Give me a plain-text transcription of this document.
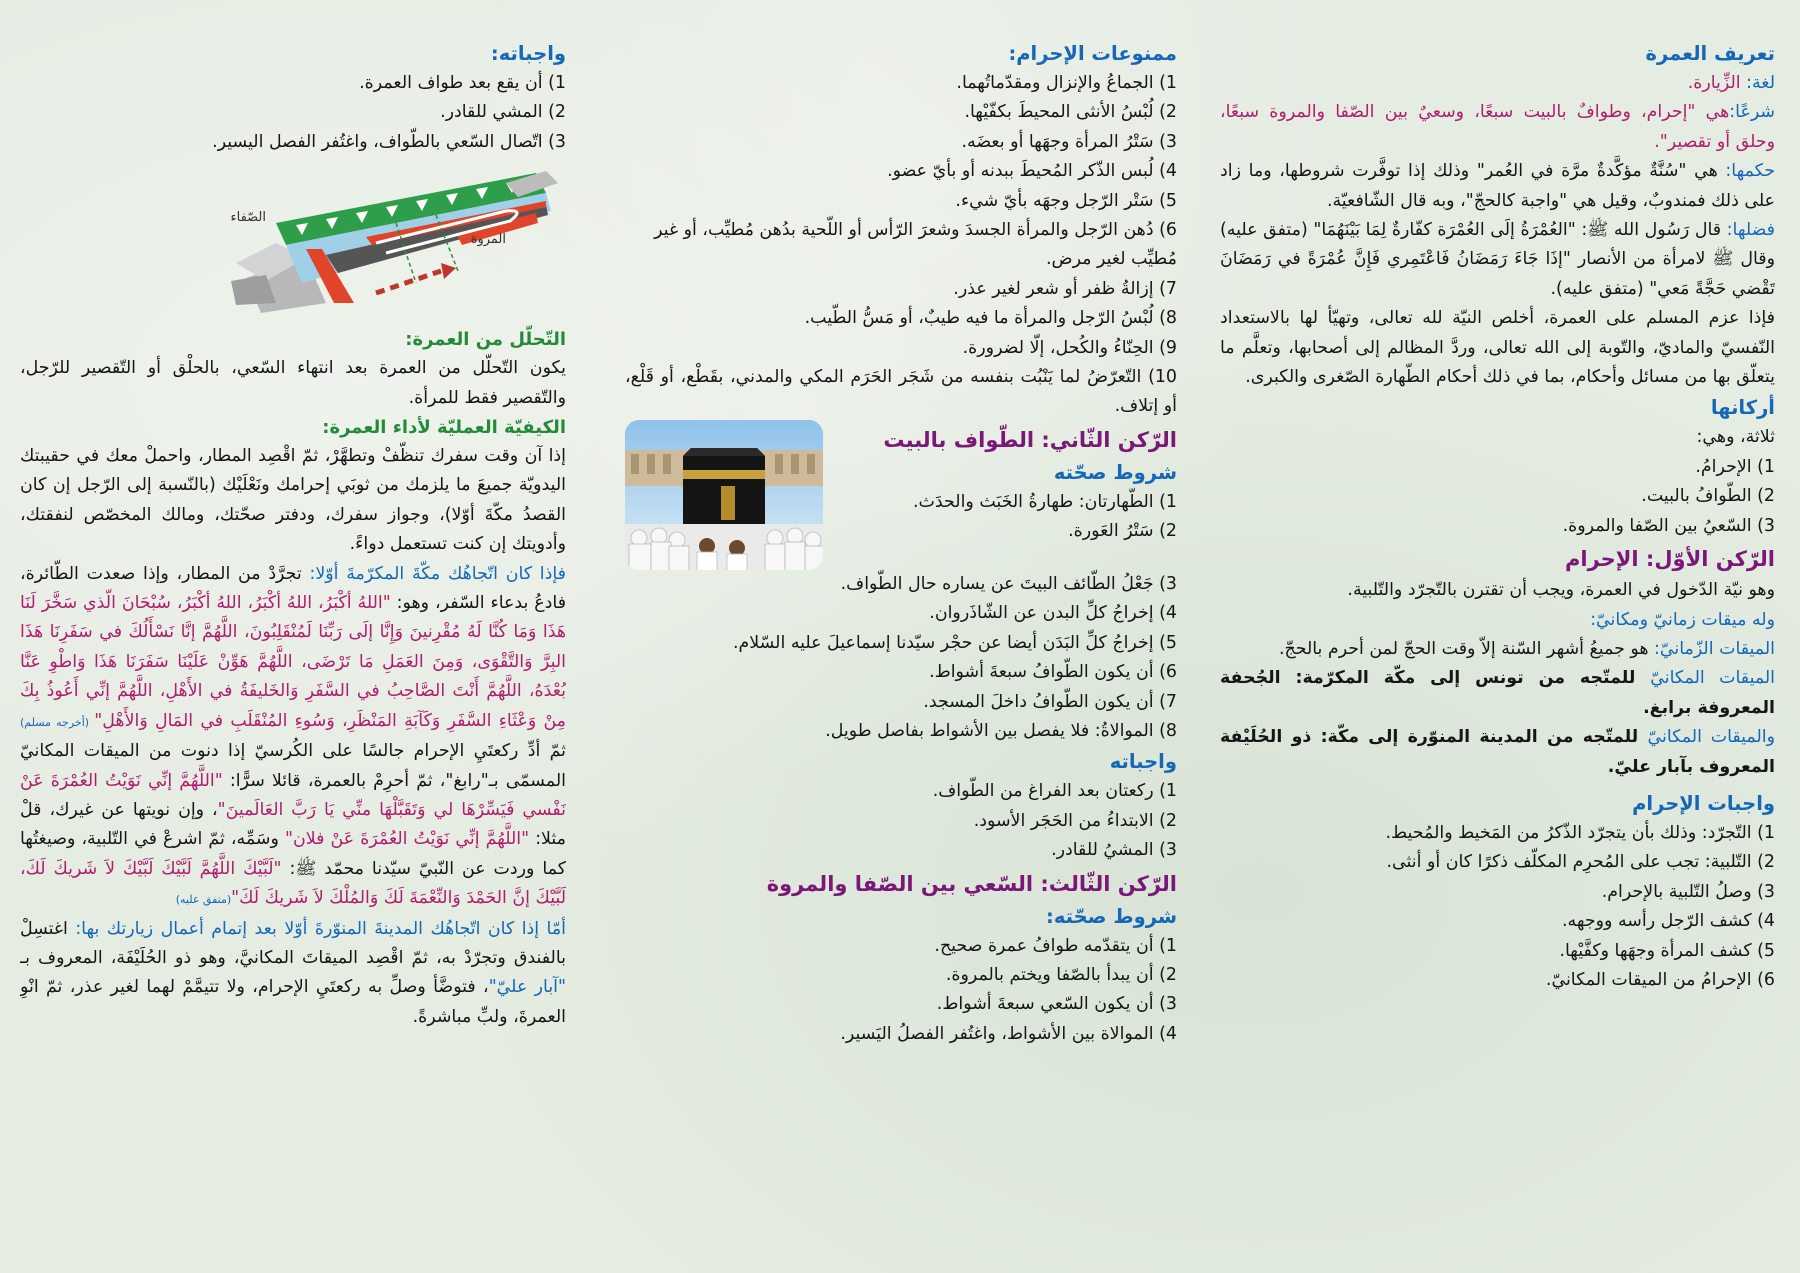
تعريف العمرة

لغة: الزِّيارة.

شرعًا:هي "إحرام، وطوافٌ بالبيت سبعًا، وسعيٌ بين الصّفا والمروة سبعًا، وحلق أو تقصير".

حكمها: هي "سُنَّةٌ مؤكَّدةٌ مرَّة في العُمر" وذلك إذا توفَّرت شروطها، وما زاد على ذلك فمندوبٌ، وقيل هي "واجبة كالحجّ"، وبه قال الشّافعيّة.

فضلها: قال رَسُول الله ﷺ: "العُمْرَةُ إلَى العُمْرَة كفّارةٌ لِمَا بَيْنَهُمَا" (متفق عليه) وقال ﷺ لامرأة من الأنصار "إذَا جَاءَ رَمَضَانُ فَاعْتَمِري فَإِنَّ عُمْرَةً في رَمَضَانَ تَقْضي حَجَّةً مَعي" (متفق عليه).

فإذا عزم المسلم على العمرة، أخلص النيّة لله تعالى، وتهيّأ لها بالاستعداد النّفسيّ والماديّ، والتّوبة إلى الله تعالى، وردَّ المظالم إلى أصحابها، وتعلَّم ما يتعلّق بها من مسائل وأحكام، بما في ذلك أحكام الطّهارة الصّغرى والكبرى.

أركانها

ثلاثة، وهي:

1) الإحرامُ.
2) الطّوافُ بالبيت.
3) السّعيُ بين الصّفا والمروة.
الرّكن الأوّل: الإحرام

وهو نيّة الدّخول في العمرة، ويجب أن تقترن بالتّجرّد والتّلبية.

وله ميقات زمانيّ ومكانيّ:

الميقات الزّمانيّ: هو جميعُ أشهر السّنة إلاّ وقت الحجّ لمن أحرم بالحجّ.

الميقات المكانيّ للمتّجه من تونس إلى مكّة المكرّمة: الجُحفة المعروفة برابغ.

والميقات المكانيّ للمتّجه من المدينة المنوّرة إلى مكّة: ذو الحُلَيْفة المعروف بآبار عليّ.

واجبات الإحرام
1) التّجرّد: وذلك بأن يتجرّد الذّكرُ من المَخيط والمُحيط.
2) التّلبية: تجب على المُحرِم المكلّف ذكرًا كان أو أنثى.
3) وصلُ التّلبية بالإحرام.
4) كشف الرّجل رأسه ووجهه.
5) كشف المرأة وجهَها وكفَّيْها.
6) الإحرامُ من الميقات المكانيّ.
ممنوعات الإحرام:
1) الجماعُ والإنزال ومقدّماتُهما.
2) لُبْسُ الأنثى المحيطَ بكفّيْها.
3) سَتْرُ المرأة وجهَها أو بعضَه.
4) لُبس الذّكر المُحيطَ ببدنه أو بأيّ عضو.
5) سَتْر الرّجل وجهَه بأيّ شيء.
6) دُهن الرّجل والمرأة الجسدَ وشعرَ الرّأس أو اللّحية بدُهن مُطيِّب، أو غير مُطيِّب لغير مرض.
7) إزالةُ ظفر أو شعر لغير عذر.
8) لُبْسُ الرّجل والمرأة ما فيه طيبٌ، أو مَسُّ الطّيب.
9) الحِنّاءُ والكُحل، إلّا لضرورة.
10) التّعرّضُ لما يَنْبُت بنفسه من شَجَر الحَرَم المكي والمدني، بقَطْع، أو قَلْع، أو إتلاف.
الرّكن الثّاني: الطّواف بالبيت
شروط صحّته
1) الطّهارتان: طهارةُ الخَبَث والحدَث.
2) سَتْرُ العَورة.
3) جَعْلُ الطّائف البيتَ عن يساره حال الطّواف.
4) إخراجُ كلِّ البدن عن الشّاذَروان.
5) إخراجُ كلِّ البَدَن أيضا عن حجْر سيّدنا إسماعيلَ عليه السّلام.
6) أن يكون الطّوافُ سبعةَ أشواط.
7) أن يكون الطّوافُ داخلَ المسجد.
8) الموالاةُ: فلا يفصل بين الأشواط بفاصل طويل.
واجباته
1) ركعتان بعد الفراغ من الطّواف.
2) الابتداءُ من الحَجَر الأسود.
3) المشيُ للقادر.
الرّكن الثّالث: السّعي بين الصّفا والمروة
شروط صحّته:
1) أن يتقدّمه طوافُ عمرة صحيح.
2) أن يبدأ بالصّفا ويختم بالمروة.
3) أن يكون السّعي سبعةَ أشواط.
4) الموالاة بين الأشواط، واغتُفر الفصلُ اليَسير.
واجباته:
1) أن يقع بعد طواف العمرة.
2) المشي للقادر.
3) اتّصال السّعي بالطّواف، واغتُفر الفصل اليسير.
الصّفاء
المروة
التّحلّل من العمرة:

يكون التّحلّل من العمرة بعد انتهاء السّعي، بالحلْق أو التّقصير للرّجل، والتّقصير فقط للمرأة.

الكيفيّة العمليّة لأداء العمرة:

إذا آن وقت سفرك تنظّفْ وتطهَّرْ، ثمّ اقْصِد المطار، واحملْ معك في حقيبتك اليدويّة جميعَ ما يلزمك من ثوبَي إحرامك ونَعْلَيْك (بالنّسبة إلى الرّجل إن كان القصدُ مكّةَ أوّلا)، وجواز سفرك، ودفتر صحّتك، ومالك المخصّص لنفقتك، وأدويتك إن كنت تستعمل دواءً.

فإذا كان اتّجاهُك مكّةَ المكرّمةَ أوّلا: تجرَّدْ من المطار، وإذا صعدت الطّائرة، فادعُ بدعاء السّفر، وهو: "اللهُ أكْبَرُ، اللهُ أكْبَرُ، اللهُ أكْبَرُ، سُبْحَانَ الّذي سَخَّرَ لَنَا هَذَا وَمَا كُنَّا لَهُ مُقْرِنينَ وَإِنَّا إلَى رَبِّنَا لَمُنْقَلِبُونَ، اللَّهُمَّ إنَّا نَسْأَلُكَ في سَفَرِنَا هَذَا البِرَّ وَالتَّقْوَى، وَمِنَ العَمَلِ مَا تَرْضَى، اللَّهُمَّ هَوِّنْ عَلَيْنَا سَفَرَنَا هَذَا وَاطْوِ عَنَّا بُعْدَهُ، اللَّهُمَّ أَنْتَ الصَّاحِبُ في السَّفَرِ وَالخَليفَةُ في الأَهْلِ، اللَّهُمَّ إنِّي أَعُوذُ بِكَ مِنْ وَعْثَاءِ السَّفَرِ وَكَآبَةِ المَنْظَرِ، وَسُوءِ المُنْقَلَبِ في المَالِ وَالأَهْلِ" (أخرجه مسلم) ثمّ أدِّ ركعتَيِ الإحرام جالسًا على الكُرسيّ إذا دنوت من الميقات المكانيّ المسمّى بـ"رابغ"، ثمّ أحرِمْ بالعمرة، قائلا سرًّا: "اللَّهُمَّ إنِّي نَوَيْتُ العُمْرَةَ عَنْ نَفْسي فَيَسِّرْهَا لي وَتَقَبَّلْهَا منِّي يَا رَبَّ العَالَمينَ"، وإن نويتها عن غيرك، قلْ مثلا: "اللَّهُمَّ إنِّي نَوَيْتُ العُمْرَةَ عَنْ فلان" وسَمِّه، ثمّ اشرعْ في التّلبية، وصيغتُها كما وردت عن النّبيّ سيّدنا محمّد ﷺ: "لَبَّيْكَ اللَّهُمَّ لَبَّيْكَ لَبَّيْكَ لاَ شَريكَ لَكَ، لَبَّيْكَ إنَّ الحَمْدَ وَالنِّعْمَةَ لَكَ وَالمُلْكَ لاَ شَريكَ لَكَ"(متفق عليه)

أمّا إذا كان اتّجاهُك المدينةَ المنوّرةَ أوّلا بعد إتمام أعمال زيارتك بها: اغتسِلْ بالفندق وتجرّدْ به، ثمّ اقْصِد الميقاتَ المكانيَّ، وهو ذو الحُلَيْفَة، المعروف بـ "آبار عليّ"، فتوضَّأ وصلِّ به ركعتَيِ الإحرام، ولا تتيمَّمْ لهما لغير عذر، ثمّ انْوِ العمرةَ، ولبِّ مباشرةً.
